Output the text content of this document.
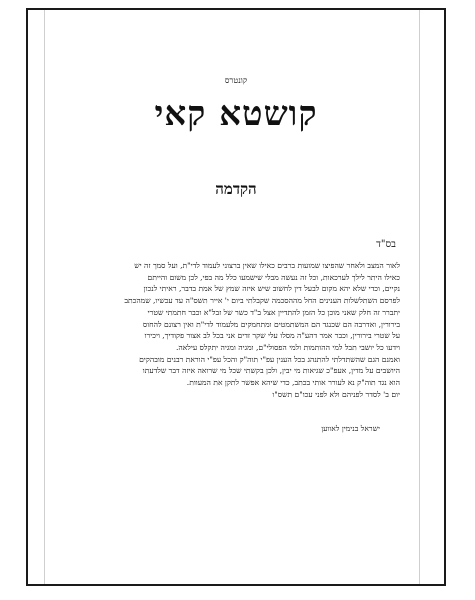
קונטרס
קושטא קאי
הקדמה
בס"ד
לאור המצב ולאחר שהפיצו שמועות ברבים כאילו שאין ברצוני לעמוד לדי"ת, ועל סמך זה יש
כאילו היתר לילך לערכאות, וכל זה נעשה מבלי שישמעו כלל מה בפי, לכן משום והייתם
נקיים, וכדי שלא יהא מקום לבעל דין לחשוב שיש איזה שמץ של אמת בדבר, ראיתי לנכון
לפרסם השתלשלות הענינים החל מההסכמה שקבלתי ביום י' אייר תשס"ה עד עכשיו, שמהכתב
יתברר זה חלק שאני מוכן כל הזמן להתדיין אצל ב"ד כשר של זבל"א וכבר חתמתי שטרי
בירורין, ואדרבה הם שכנגד הם המשתמטים ומתחמקים מלעמוד לדי"ת ואין רצונם להחוס
על שטרי בירורין, וכבר אמר דהע"ה מסלו עלי שקר זדים אני בכל לב אצור פקודיך, ויכירו
וידעו כל יושבי תבל למי ההותמות ולמי הפסולי"ם, ומגיה ומגיה יתקלס עילאה.
ואמנם הגם שהשתדלתי להתנהג בכל הענין עפ"י תוה"ק והכל עפ"י הוראת רבנים מובהקים
היושבים על מדין, אעפ"כ שגיאות מי יבין, ולכן בקשתי שכל מי שרואה איזה דבר שלדעתו
הוא נגד תוה"ק נא לעורר אותי בכתב, כדי שיהא אפשר לתקן את המעוות.
יום ב' לסדר לפניהם ולא לפני עכו"ם תשס"ו
ישראל בנימין לאווען
